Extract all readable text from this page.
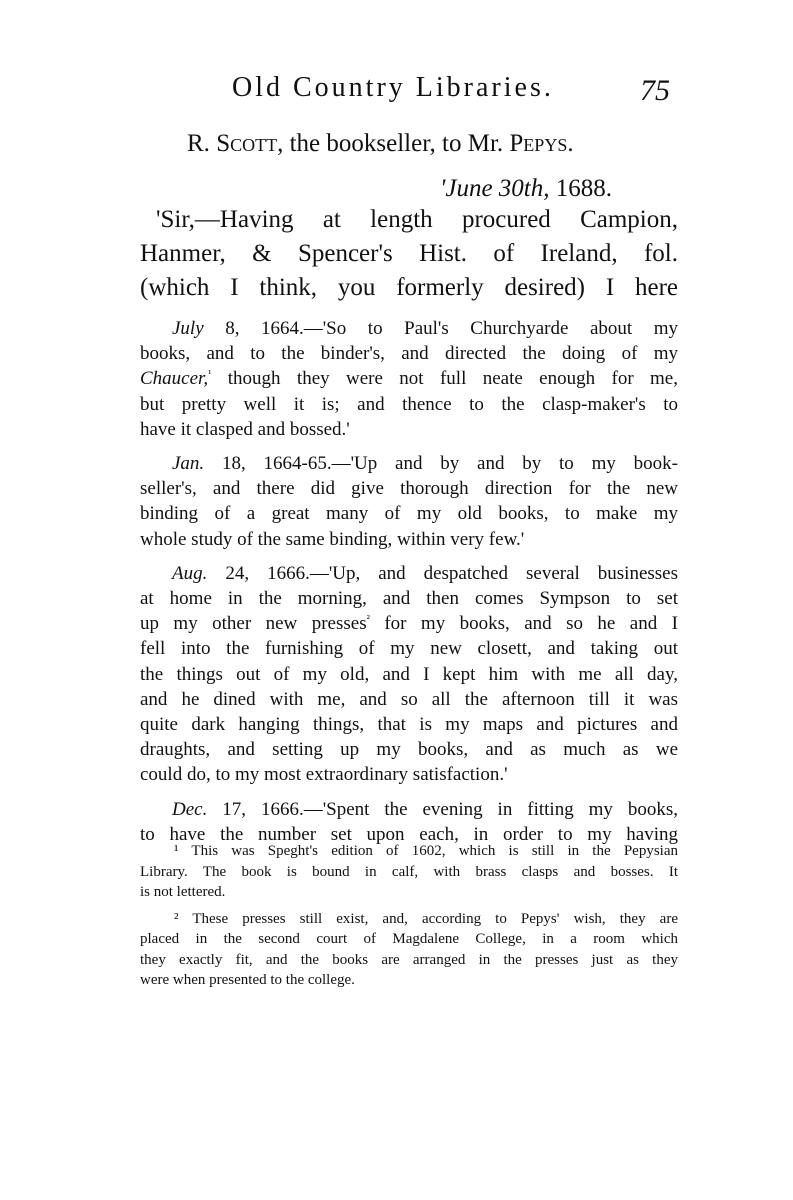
Old Country Libraries.	75
R. Scott, the bookseller, to Mr. Pepys.
'June 30th, 1688.
'Sir,—Having at length procured Campion,
Hanmer, & Spencer's Hist. of Ireland, fol.
(which I think, you formerly desired) I here
July 8, 1664.—'So to Paul's Churchyarde about my
books, and to the binder's, and directed the doing of my
Chaucer,$^{^1}$ though they were not full neate enough for me,
but pretty well it is; and thence to the clasp-maker's to
have it clasped and bossed.'
Jan. 18, 1664-65.—'Up and by and by to my book-
seller's, and there did give thorough direction for the new
binding of a great many of my old books, to make my
whole study of the same binding, within very few.'
Aug. 24, 1666.—'Up, and despatched several businesses
at home in the morning, and then comes Sympson to set
up my other new presses$^{^2}$ for my books, and so he and I
fell into the furnishing of my new closett, and taking out
the things out of my old, and I kept him with me all day,
and he dined with me, and so all the afternoon till it was
quite dark hanging things, that is my maps and pictures and
draughts, and setting up my books, and as much as we
could do, to my most extraordinary satisfaction.'
Dec. 17, 1666.—'Spent the evening in fitting my books,
to have the number set upon each, in order to my having
¹ This was Speght's edition of 1602, which is still in the Pepysian
Library. The book is bound in calf, with brass clasps and bosses. It
is not lettered.
² These presses still exist, and, according to Pepys' wish, they are
placed in the second court of Magdalene College, in a room which
they exactly fit, and the books are arranged in the presses just as they
were when presented to the college.
